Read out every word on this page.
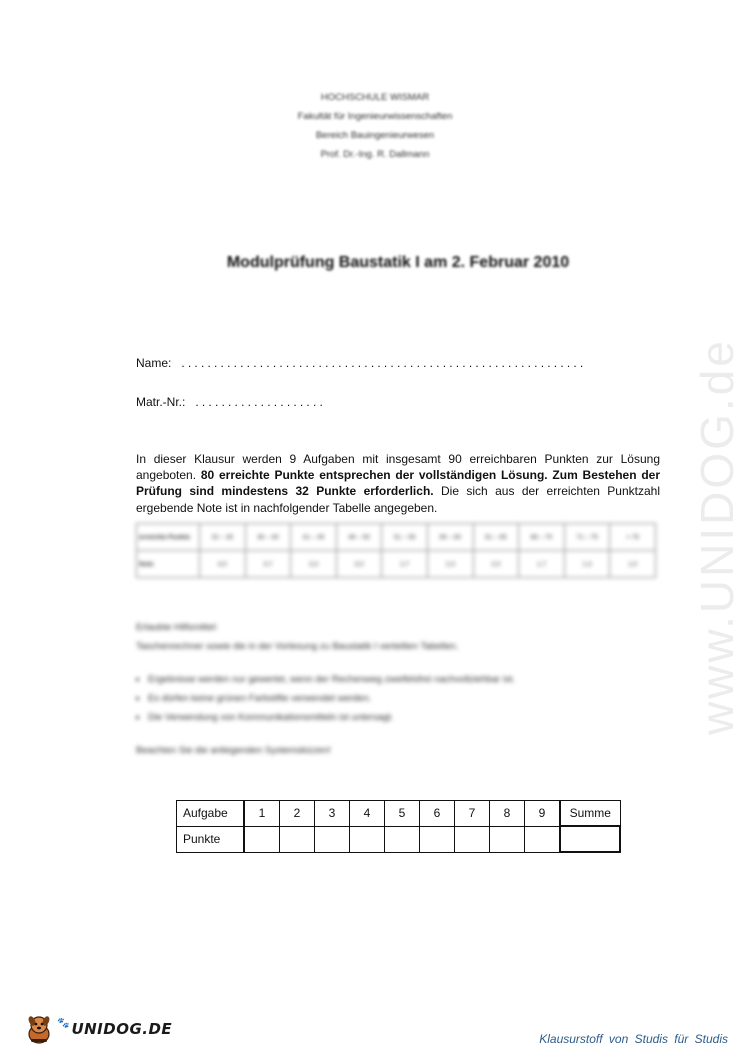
www.UNIDOG.de
HOCHSCHULE WISMAR
Fakultät für Ingenieurwissenschaften
Bereich Bauingenieurwesen
Prof. Dr.-Ing. R. Dallmann
Modulprüfung Baustatik I am 2. Februar 2010
Name: ..............................................................
Matr.-Nr.: ....................
In dieser Klausur werden 9 Aufgaben mit insgesamt 90 erreichbaren Punkten zur Lösung angeboten. 80 erreichte Punkte entsprechen der vollständigen Lösung. Zum Bestehen der Prüfung sind mindestens 32 Punkte erforderlich. Die sich aus der erreichten Punktzahl ergebende Note ist in nachfolgender Tabelle angegeben.
erreichte Punkte	32 – 35	36 – 40	41 – 45	46 – 50	51 – 55	56 – 60	61 – 65	66 – 70	71 – 75	> 75
Note	4,0	3,7	3,3	3,0	2,7	2,3	2,0	1,7	1,3	1,0
Erlaubte Hilfsmittel:
Taschenrechner sowie die in der Vorlesung zu Baustatik I verteilten Tabellen.
• Ergebnisse werden nur gewertet, wenn der Rechenweg zweifelsfrei nachvollziehbar ist.
• Es dürfen keine grünen Farbstifte verwendet werden.
• Die Verwendung von Kommunikationsmitteln ist untersagt.
Beachten Sie die anliegenden Systemskizzen!
Aufgabe	1	2	3	4	5	6	7	8	9	Summe
Punkte										
🐾 UNIDOG.DE
Klausurstoff von Studis für Studis
